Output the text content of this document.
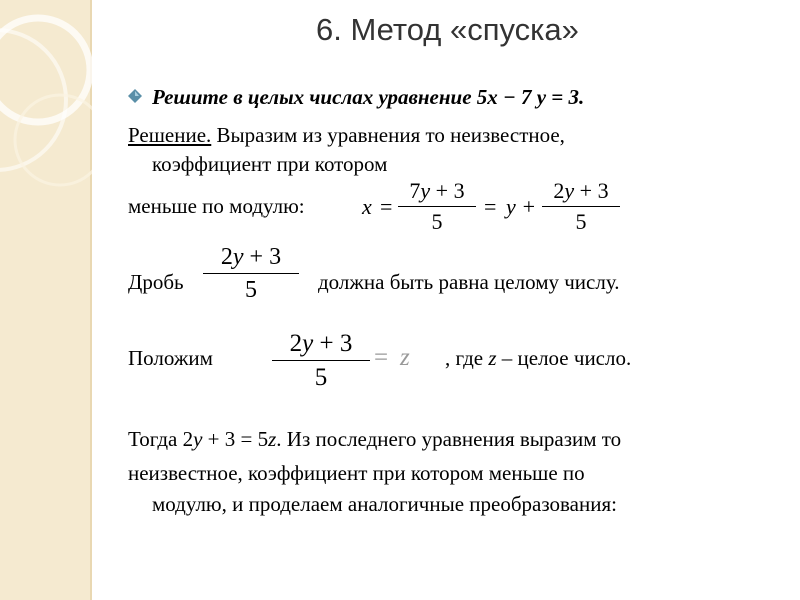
6. Метод «спуска»
Решите в целых числах уравнение 5x − 7 y = 3.
Решение. Выразим из уравнения то неизвестное,
коэффициент при котором
меньше по модулю:	x =
7y + 3
5
= y +
2y + 3
5
Дробь
2y + 3
5	должна быть равна целому числу.
Положим
2y + 3
5
= z , где z – целое число.
Тогда 2y + 3 = 5z. Из последнего уравнения выразим то
неизвестное, коэффициент при котором меньше по
модулю, и проделаем аналогичные преобразования:
